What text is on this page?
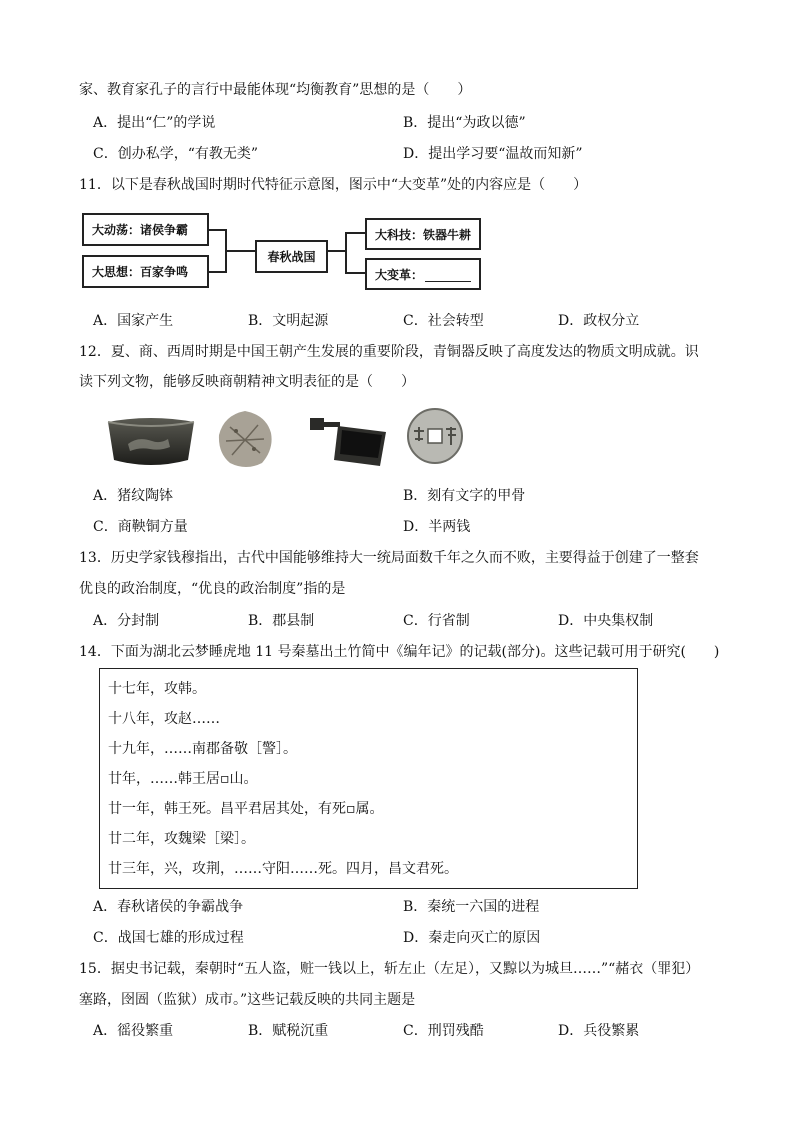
家、教育家孔子的言行中最能体现“均衡教育”思想的是（　　）
A．提出“仁”的学说	B．提出“为政以德”
C．创办私学，“有教无类”	D．提出学习要“温故而知新”
11．以下是春秋战国时期时代特征示意图，图示中“大变革”处的内容应是（　　）
大动荡：诸侯争霸
大思想：百家争鸣
春秋战国
大科技：铁器牛耕
大变革：
A．国家产生	B．文明起源	C．社会转型	D．政权分立
12．夏、商、西周时期是中国王朝产生发展的重要阶段，青铜器反映了高度发达的物质文明成就。识
读下列文物，能够反映商朝精神文明表征的是（　　）
A．猪纹陶钵	B．刻有文字的甲骨
C．商鞅铜方量	D．半两钱
13．历史学家钱穆指出，古代中国能够维持大一统局面数千年之久而不败，主要得益于创建了一整套
优良的政治制度，“优良的政治制度”指的是
A．分封制	B．郡县制	C．行省制	D．中央集权制
14．下面为湖北云梦睡虎地 11 号秦墓出土竹简中《编年记》的记载(部分)。这些记载可用于研究(　　)
十七年，攻韩。
十八年，攻赵……
十九年，……南郡备敬［警］。
廿年，……韩王居▫山。
廿一年，韩王死。昌平君居其处，有死▫属。
廿二年，攻魏梁［梁］。
廿三年，兴，攻荆，……守阳……死。四月，昌文君死。
A．春秋诸侯的争霸战争	B．秦统一六国的进程
C．战国七雄的形成过程	D．秦走向灭亡的原因
15．据史书记载，秦朝时“五人盗，赃一钱以上，斩左止（左足），又黥以为城旦……”“赭衣（罪犯）
塞路，囹圄（监狱）成市。”这些记载反映的共同主题是
A．徭役繁重	B．赋税沉重	C．刑罚残酷	D．兵役繁累
